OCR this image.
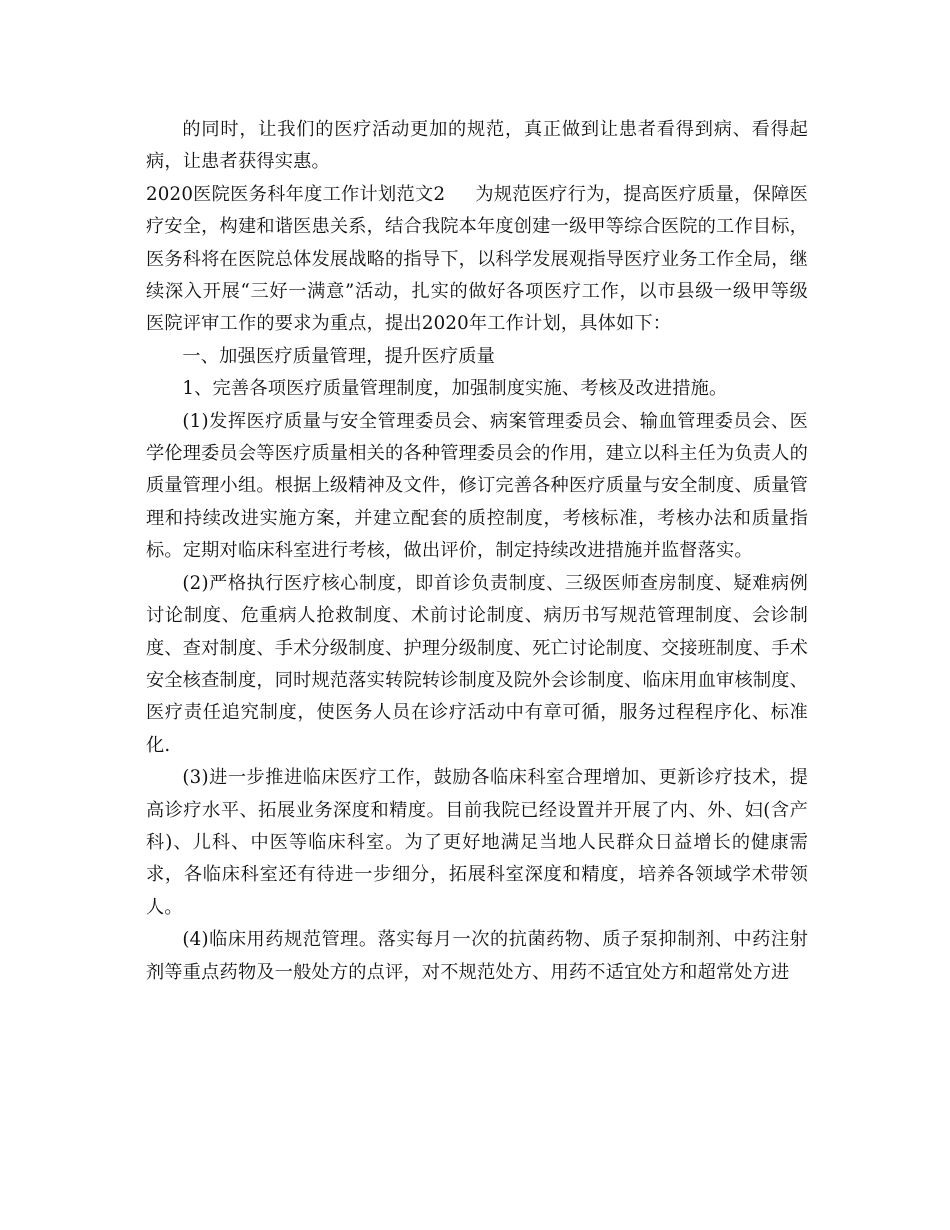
的同时，让我们的医疗活动更加的规范，真正做到让患者看得到病、看得起病，让患者获得实惠。

2020医院医务科年度工作计划范文2 为规范医疗行为，提高医疗质量，保障医疗安全，构建和谐医患关系，结合我院本年度创建一级甲等综合医院的工作目标，医务科将在医院总体发展战略的指导下，以科学发展观指导医疗业务工作全局，继续深入开展“三好一满意”活动，扎实的做好各项医疗工作，以市县级一级甲等级医院评审工作的要求为重点，提出2020年工作计划，具体如下：

一、加强医疗质量管理，提升医疗质量

1、完善各项医疗质量管理制度，加强制度实施、考核及改进措施。

(1)发挥医疗质量与安全管理委员会、病案管理委员会、输血管理委员会、医学伦理委员会等医疗质量相关的各种管理委员会的作用，建立以科主任为负责人的质量管理小组。根据上级精神及文件，修订完善各种医疗质量与安全制度、质量管理和持续改进实施方案，并建立配套的质控制度，考核标准，考核办法和质量指标。定期对临床科室进行考核，做出评价，制定持续改进措施并监督落实。

(2)严格执行医疗核心制度，即首诊负责制度、三级医师查房制度、疑难病例讨论制度、危重病人抢救制度、术前讨论制度、病历书写规范管理制度、会诊制度、查对制度、手术分级制度、护理分级制度、死亡讨论制度、交接班制度、手术安全核查制度，同时规范落实转院转诊制度及院外会诊制度、临床用血审核制度、医疗责任追究制度，使医务人员在诊疗活动中有章可循，服务过程程序化、标准化.

(3)进一步推进临床医疗工作，鼓励各临床科室合理增加、更新诊疗技术，提高诊疗水平、拓展业务深度和精度。目前我院已经设置并开展了内、外、妇(含产科)、儿科、中医等临床科室。为了更好地满足当地人民群众日益增长的健康需求，各临床科室还有待进一步细分，拓展科室深度和精度，培养各领域学术带领人。

(4)临床用药规范管理。落实每月一次的抗菌药物、质子泵抑制剂、中药注射剂等重点药物及一般处方的点评，对不规范处方、用药不适宜处方和超常处方进
